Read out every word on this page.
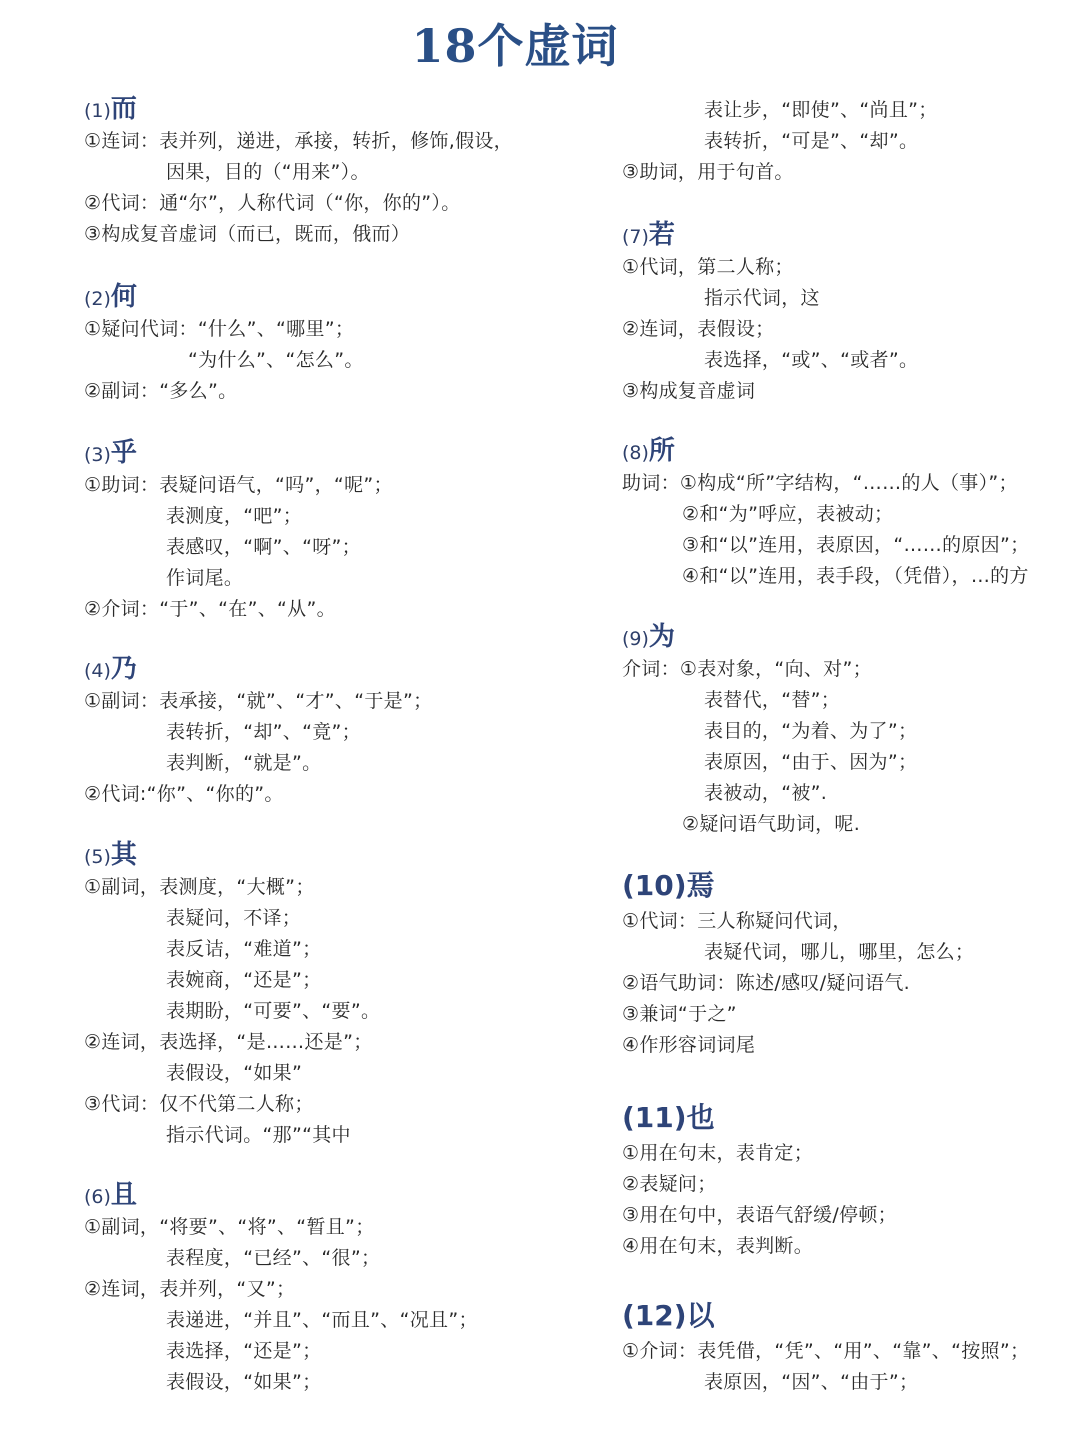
18个虚词
(1)而
①连词：表并列，递进，承接，转折，修饰,假设，
因果，目的（“用来”）。
②代词：通“尔”，人称代词（“你，你的”）。
③构成复音虚词（而已，既而，俄而）
(2)何
①疑问代词：“什么”、“哪里”；
“为什么”、“怎么”。
②副词：“多么”。
(3)乎
①助词：表疑问语气，“吗”，“呢”；
表测度，“吧”；
表感叹，“啊”、“呀”；
作词尾。
②介词：“于”、“在”、“从”。
(4)乃
①副词：表承接，“就”、“才”、“于是”；
表转折，“却”、“竟”；
表判断，“就是”。
②代词:“你”、“你的”。
(5)其
①副词，表测度，“大概”；
表疑问，不译；
表反诘，“难道”；
表婉商，“还是”；
表期盼，“可要”、“要”。
②连词，表选择，“是……还是”；
表假设，“如果”
③代词：仅不代第二人称；
指示代词。“那”“其中
(6)且
①副词，“将要”、“将”、“暂且”；
表程度，“已经”、“很”；
②连词，表并列，“又”；
表递进，“并且”、“而且”、“况且”；
表选择，“还是”；
表假设，“如果”；
表让步，“即使”、“尚且”；
表转折，“可是”、“却”。
③助词，用于句首。
(7)若
①代词，第二人称；
指示代词，这
②连词，表假设；
表选择，“或”、“或者”。
③构成复音虚词
(8)所
助词：①构成“所”字结构，“……的人（事）”；
②和“为”呼应，表被动；
③和“以”连用，表原因，“……的原因”；
④和“以”连用，表手段，（凭借），…的方
(9)为
介词：①表对象，“向、对”；
表替代，“替”；
表目的，“为着、为了”；
表原因，“由于、因为”；
表被动，“被”.
②疑问语气助词，呢.
(10)焉
①代词：三人称疑问代词，
表疑代词，哪儿，哪里，怎么；
②语气助词：陈述/感叹/疑问语气.
③兼词“于之”
④作形容词词尾
(11)也
①用在句末，表肯定；
②表疑问；
③用在句中，表语气舒缓/停顿；
④用在句末，表判断。
(12)以
①介词：表凭借，“凭”、“用”、“靠”、“按照”；
表原因，“因”、“由于”；
